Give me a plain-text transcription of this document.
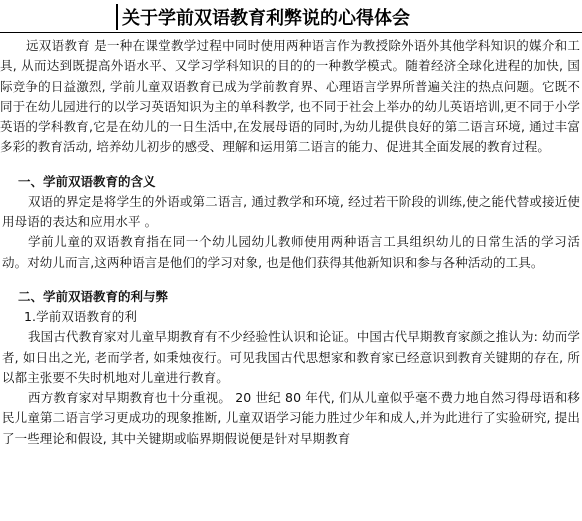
关于学前双语教育利弊说的心得体会

远双语教育 是一种在课堂教学过程中同时使用两种语言作为教授除外语外其他学科知识的媒介和工具, 从而达到既提高外语水平、又学习学科知识的目的的一种教学模式。随着经济全球化进程的加快, 国际竞争的日益激烈, 学前儿童双语教育已成为学前教育界、心理语言学界所普遍关注的热点问题。它既不同于在幼儿园进行的以学习英语知识为主的单科教学, 也不同于社会上举办的幼儿英语培训,更不同于小学英语的学科教育,它是在幼儿的一日生活中,在发展母语的同时,为幼儿提供良好的第二语言环境, 通过丰富多彩的教育活动, 培养幼儿初步的感受、理解和运用第二语言的能力、促进其全面发展的教育过程。

一、学前双语教育的含义

双语的界定是将学生的外语或第二语言, 通过教学和环境, 经过若干阶段的训练,使之能代替或接近使用母语的表达和应用水平 。

学前儿童的双语教育指在同一个幼儿园幼儿教师使用两种语言工具组织幼儿的日常生活的学习活动。对幼儿而言,这两种语言是他们的学习对象, 也是他们获得其他新知识和参与各种活动的工具。

二、学前双语教育的利与弊

1.学前双语教育的利

我国古代教育家对儿童早期教育有不少经验性认识和论证。中国古代早期教育家颜之推认为: 幼而学者, 如日出之光, 老而学者, 如秉烛夜行。可见我国古代思想家和教育家已经意识到教育关键期的存在, 所以都主张要不失时机地对儿童进行教育。

西方教育家对早期教育也十分重视。 20 世纪 80 年代, 们从儿童似乎毫不费力地自然习得母语和移民儿童第二语言学习更成功的现象推断, 儿童双语学习能力胜过少年和成人,并为此进行了实验研究, 提出了一些理论和假设, 其中关键期或临界期假说便是针对早期教育
